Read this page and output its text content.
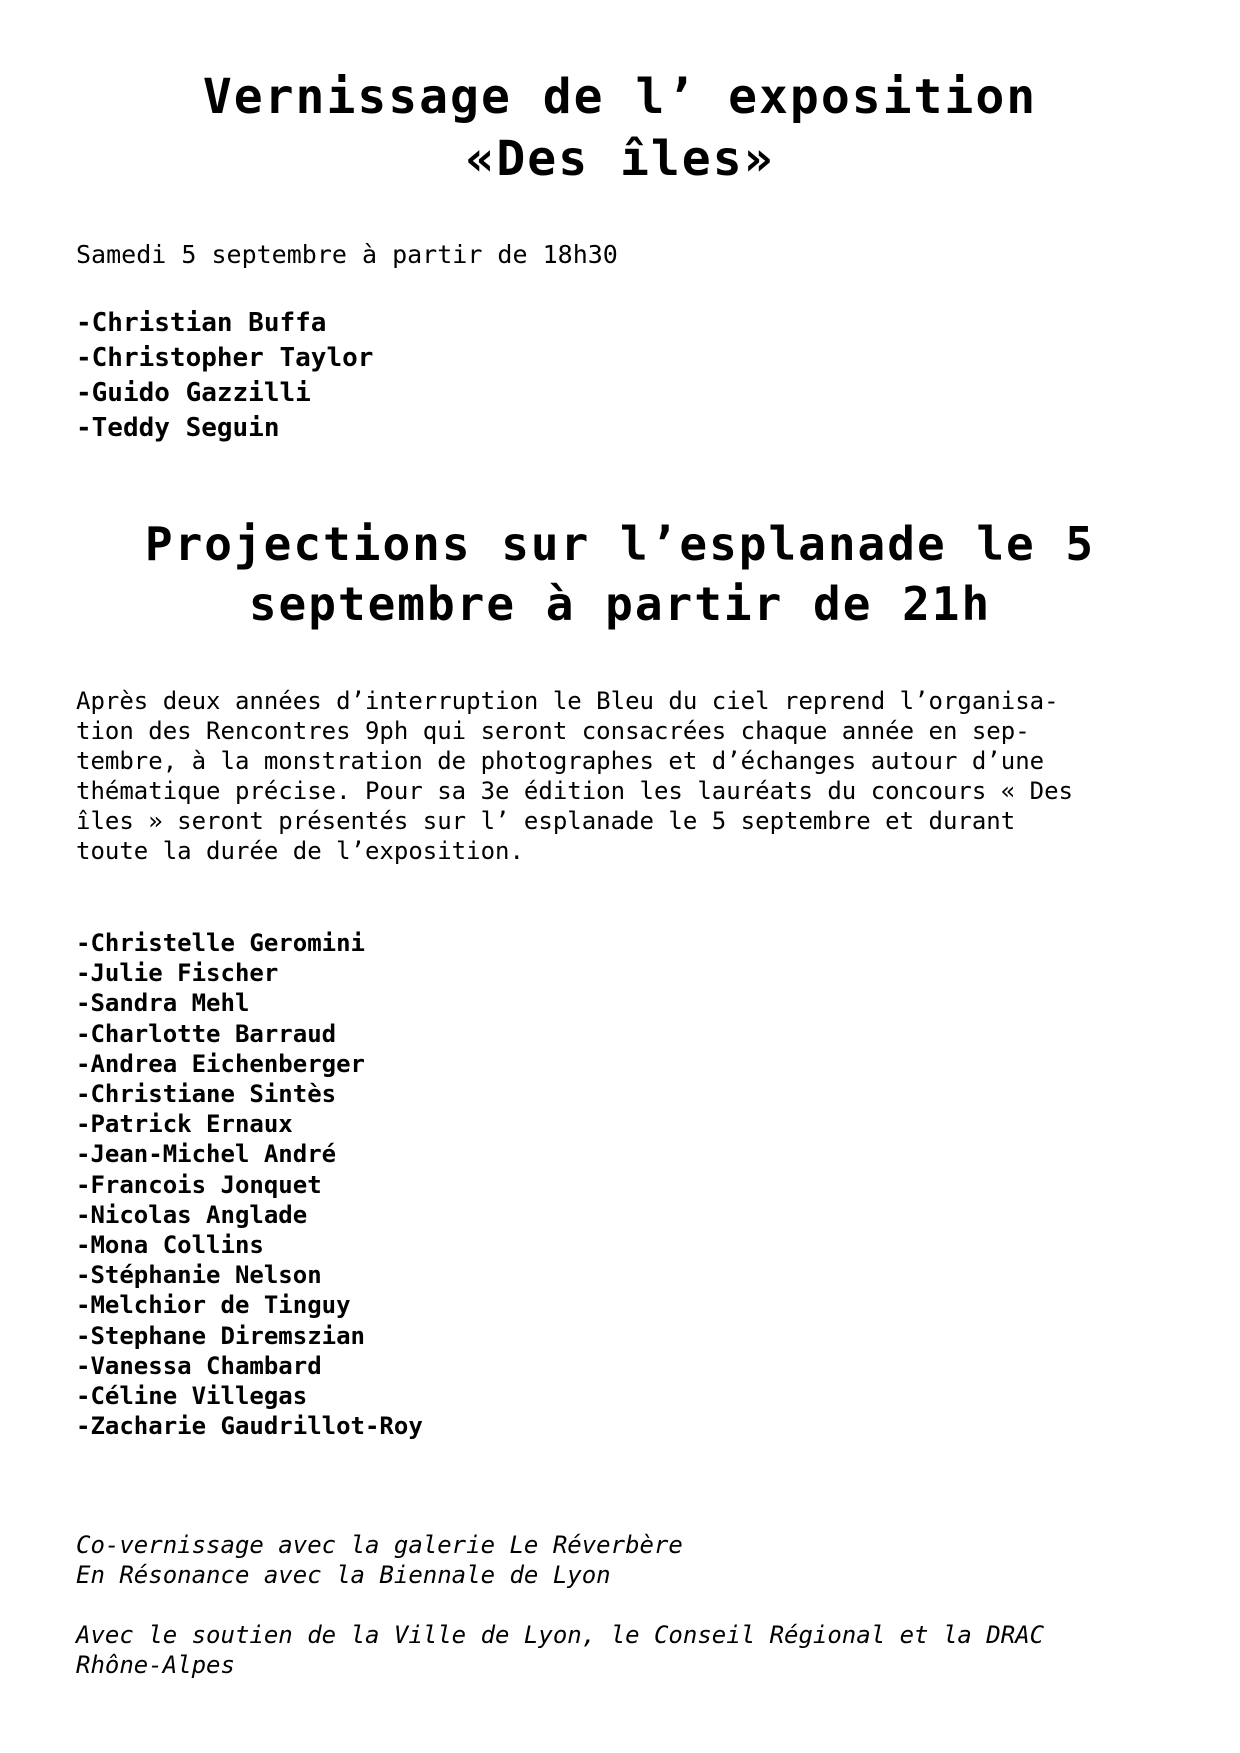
Vernissage de l’ exposition
«Des îles»

Samedi 5 septembre à partir de 18h30

-Christian Buffa
-Christopher Taylor
-Guido Gazzilli
-Teddy Seguin
Projections sur l’esplanade le 5
septembre à partir de 21h

Après deux années d’interruption le Bleu du ciel reprend l’organisa-
tion des Rencontres 9ph qui seront consacrées chaque année en sep-
tembre, à la monstration de photographes et d’échanges autour d’une
thématique précise. Pour sa 3e édition les lauréats du concours « Des
îles » seront présentés sur l’ esplanade le 5 septembre et durant
toute la durée de l’exposition.

-Christelle Geromini
-Julie Fischer
-Sandra Mehl
-Charlotte Barraud
-Andrea Eichenberger
-Christiane Sintès
-Patrick Ernaux
-Jean-Michel André
-Francois Jonquet
-Nicolas Anglade
-Mona Collins
-Stéphanie Nelson
-Melchior de Tinguy
-Stephane Diremszian
-Vanessa Chambard
-Céline Villegas
-Zacharie Gaudrillot-Roy

Co-vernissage avec la galerie Le Réverbère
En Résonance avec la Biennale de Lyon

Avec le soutien de la Ville de Lyon, le Conseil Régional et la DRAC
Rhône-Alpes
